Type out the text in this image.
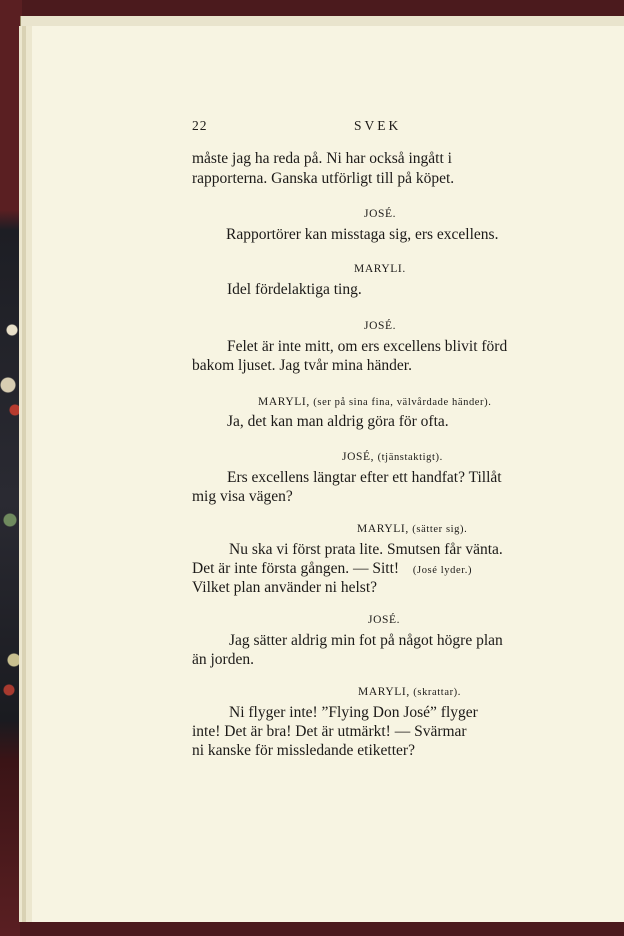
22	SVEK
måste jag ha reda på. Ni har också ingått i
rapporterna. Ganska utförligt till på köpet.
JOSÉ.
Rapportörer kan misstaga sig, ers excellens.
MARYLI.
Idel fördelaktiga ting.
JOSÉ.
Felet är inte mitt, om ers excellens blivit förd
bakom ljuset. Jag tvår mina händer.
MARYLI, (ser på sina fina, välvårdade händer).
Ja, det kan man aldrig göra för ofta.
JOSÉ, (tjänstaktigt).
Ers excellens längtar efter ett handfat? Tillåt
mig visa vägen?
MARYLI, (sätter sig).
Nu ska vi först prata lite. Smutsen får vänta.
Det är inte första gången. — Sitt! (José lyder.)
Vilket plan använder ni helst?
JOSÉ.
Jag sätter aldrig min fot på något högre plan
än jorden.
MARYLI, (skrattar).
Ni flyger inte! ”Flying Don José” flyger
inte! Det är bra! Det är utmärkt! — Svärmar
ni kanske för missledande etiketter?
